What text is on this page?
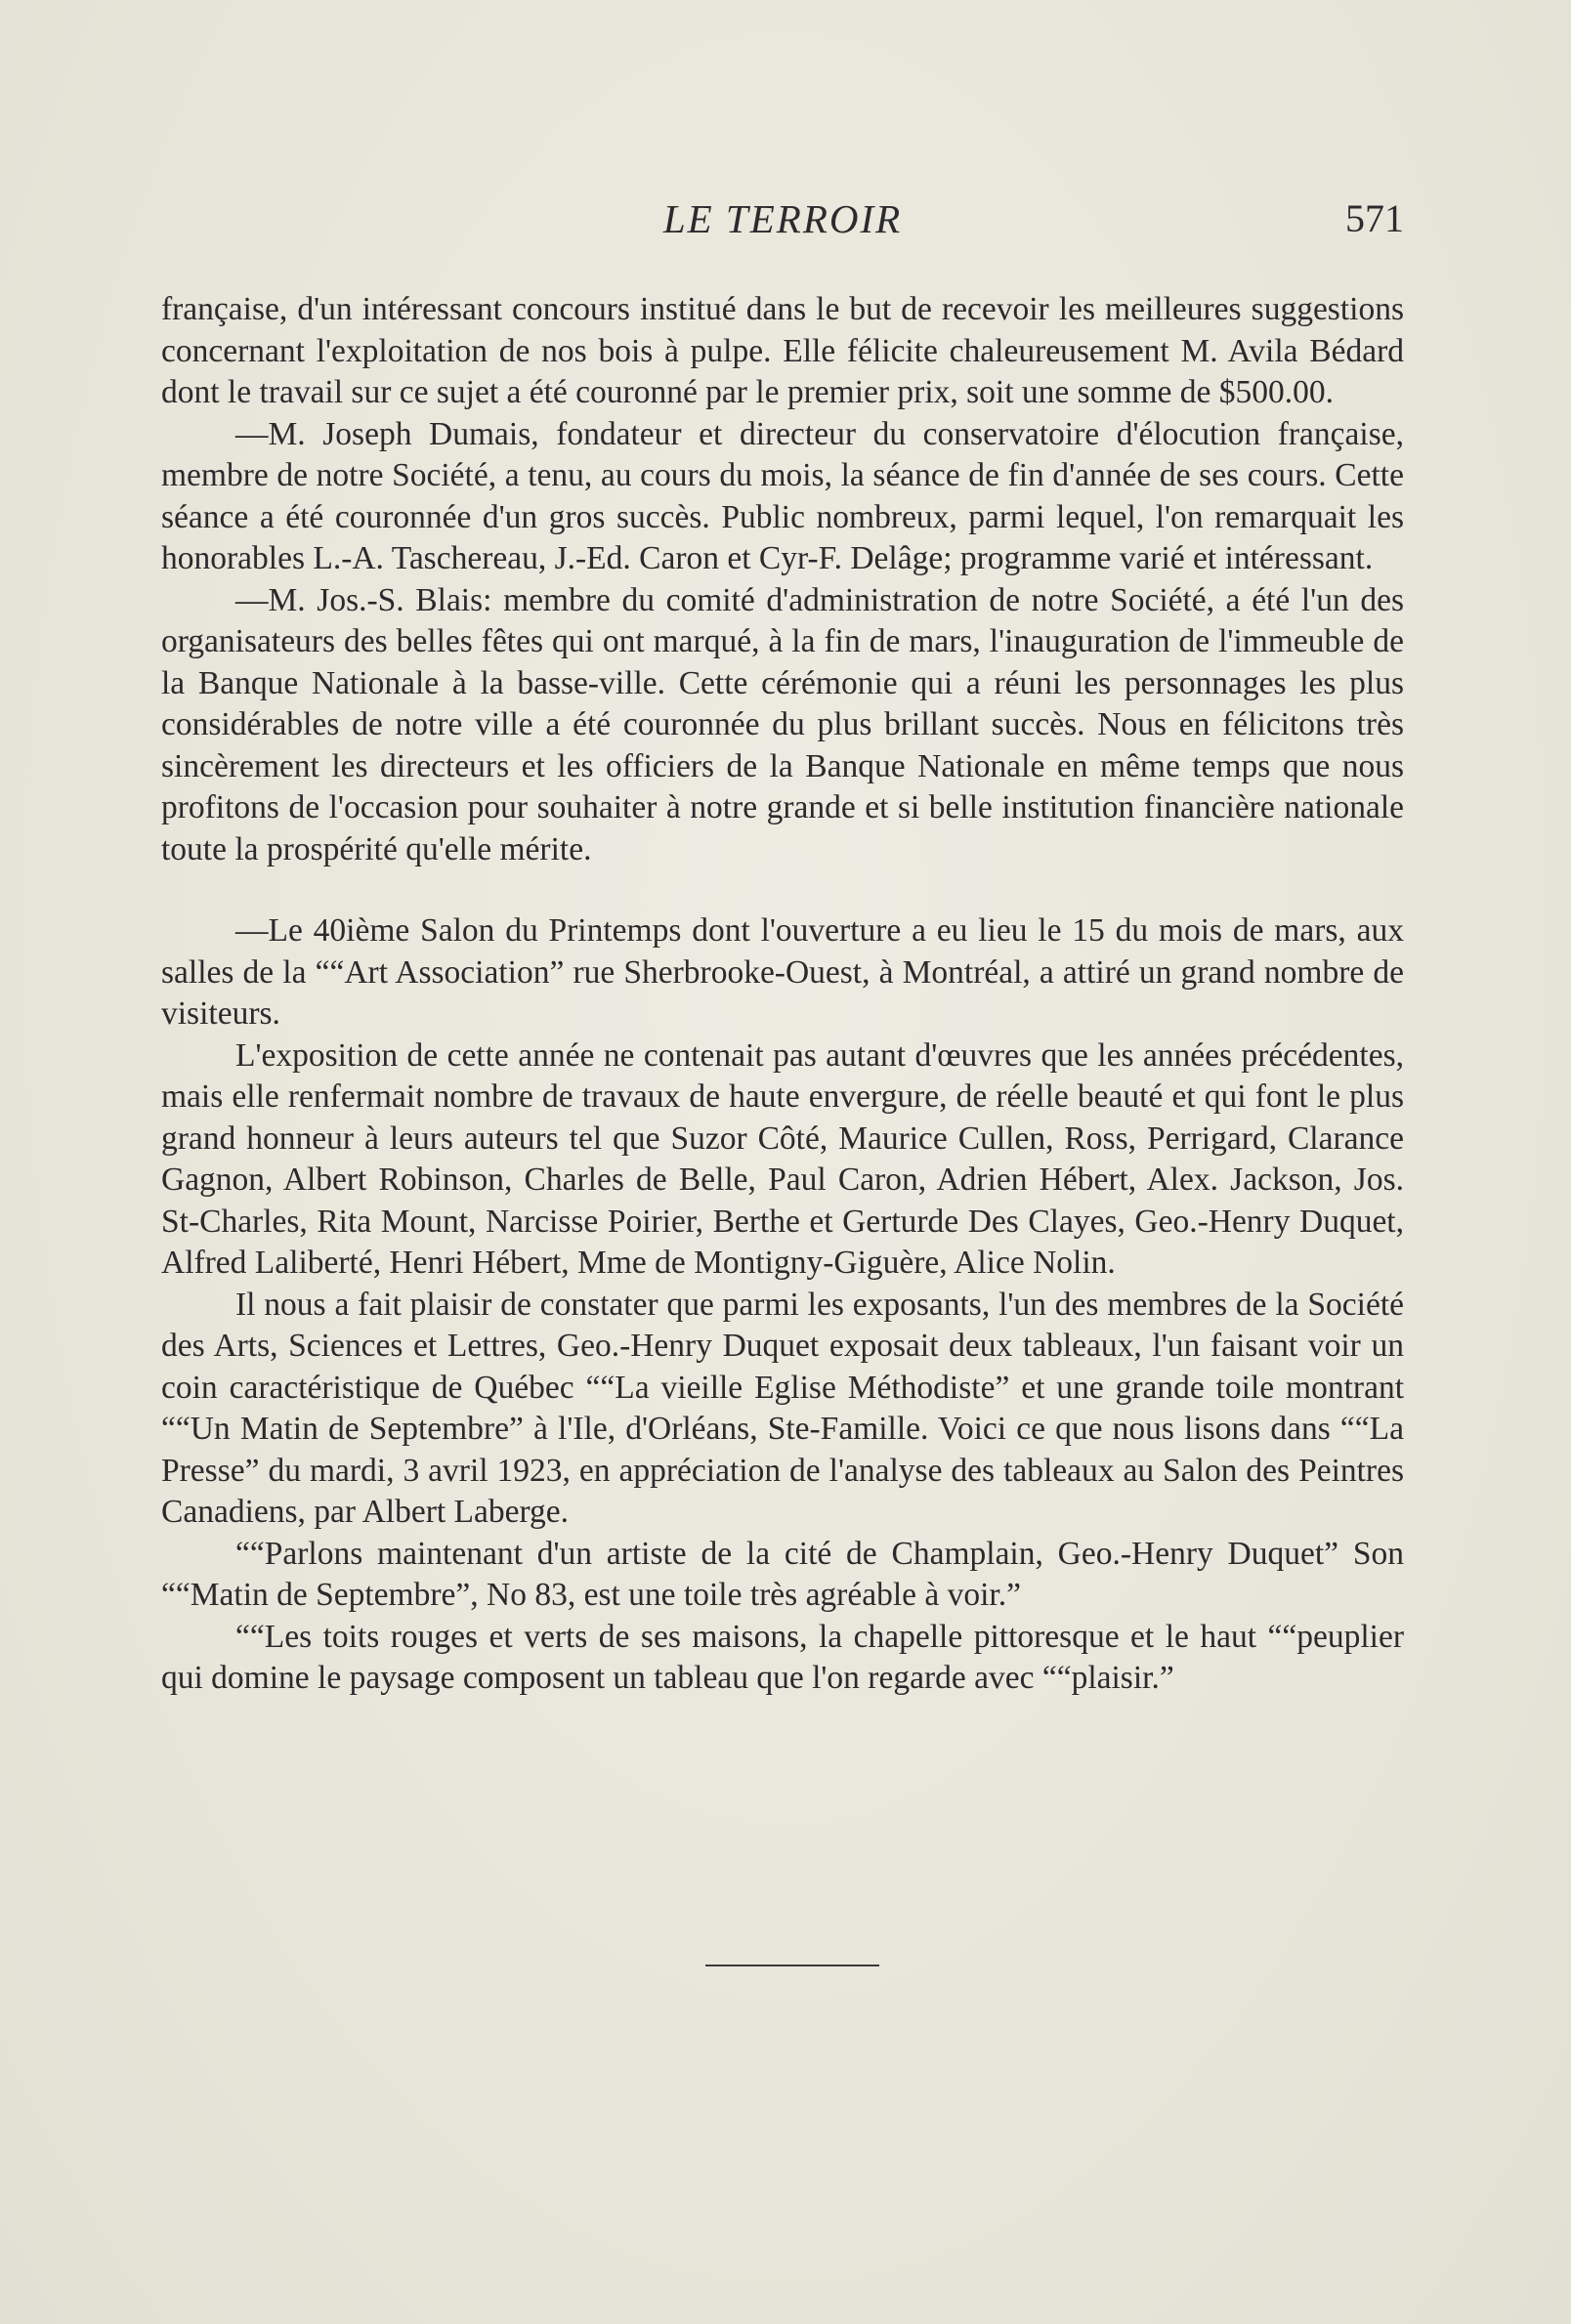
LE TERROIR	571

française, d'un intéressant concours institué dans le but de recevoir les meilleures suggestions concernant l'exploitation de nos bois à pulpe. Elle félicite chaleureusement M. Avila Bédard dont le travail sur ce sujet a été couronné par le premier prix, soit une somme de $500.00.

—M. Joseph Dumais, fondateur et directeur du conservatoire d'élocution française, membre de notre Société, a tenu, au cours du mois, la séance de fin d'année de ses cours. Cette séance a été couronnée d'un gros succès. Public nombreux, parmi lequel, l'on remarquait les honorables L.-A. Taschereau, J.-Ed. Caron et Cyr-F. Delâge; programme varié et intéressant.

—M. Jos.-S. Blais: membre du comité d'administration de notre Société, a été l'un des organisateurs des belles fêtes qui ont marqué, à la fin de mars, l'inauguration de l'immeuble de la Banque Nationale à la basse-ville. Cette cérémonie qui a réuni les personnages les plus considérables de notre ville a été couronnée du plus brillant succès. Nous en félicitons très sincèrement les directeurs et les officiers de la Banque Nationale en même temps que nous profitons de l'occasion pour souhaiter à notre grande et si belle institution financière nationale toute la prospérité qu'elle mérite.

—Le 40ième Salon du Printemps dont l'ouverture a eu lieu le 15 du mois de mars, aux salles de la ““Art Association” rue Sherbrooke-Ouest, à Montréal, a attiré un grand nombre de visiteurs.

L'exposition de cette année ne contenait pas autant d'œuvres que les années précédentes, mais elle renfermait nombre de travaux de haute envergure, de réelle beauté et qui font le plus grand honneur à leurs auteurs tel que Suzor Côté, Maurice Cullen, Ross, Perrigard, Clarance Gagnon, Albert Robinson, Charles de Belle, Paul Caron, Adrien Hébert, Alex. Jackson, Jos. St-Charles, Rita Mount, Narcisse Poirier, Berthe et Gerturde Des Clayes, Geo.-Henry Duquet, Alfred Laliberté, Henri Hébert, Mme de Montigny-Giguère, Alice Nolin.

Il nous a fait plaisir de constater que parmi les exposants, l'un des membres de la Société des Arts, Sciences et Lettres, Geo.-Henry Duquet exposait deux tableaux, l'un faisant voir un coin caractéristique de Québec ““La vieille Eglise Méthodiste” et une grande toile montrant ““Un Matin de Septembre” à l'Ile, d'Orléans, Ste-Famille. Voici ce que nous lisons dans ““La Presse” du mardi, 3 avril 1923, en appréciation de l'analyse des tableaux au Salon des Peintres Canadiens, par Albert Laberge.

““Parlons maintenant d'un artiste de la cité de Champlain, Geo.-Henry Duquet” Son ““Matin de Septembre”, No 83, est une toile très agréable à voir.”

““Les toits rouges et verts de ses maisons, la chapelle pittoresque et le haut ““peuplier qui domine le paysage composent un tableau que l'on regarde avec ““plaisir.”
